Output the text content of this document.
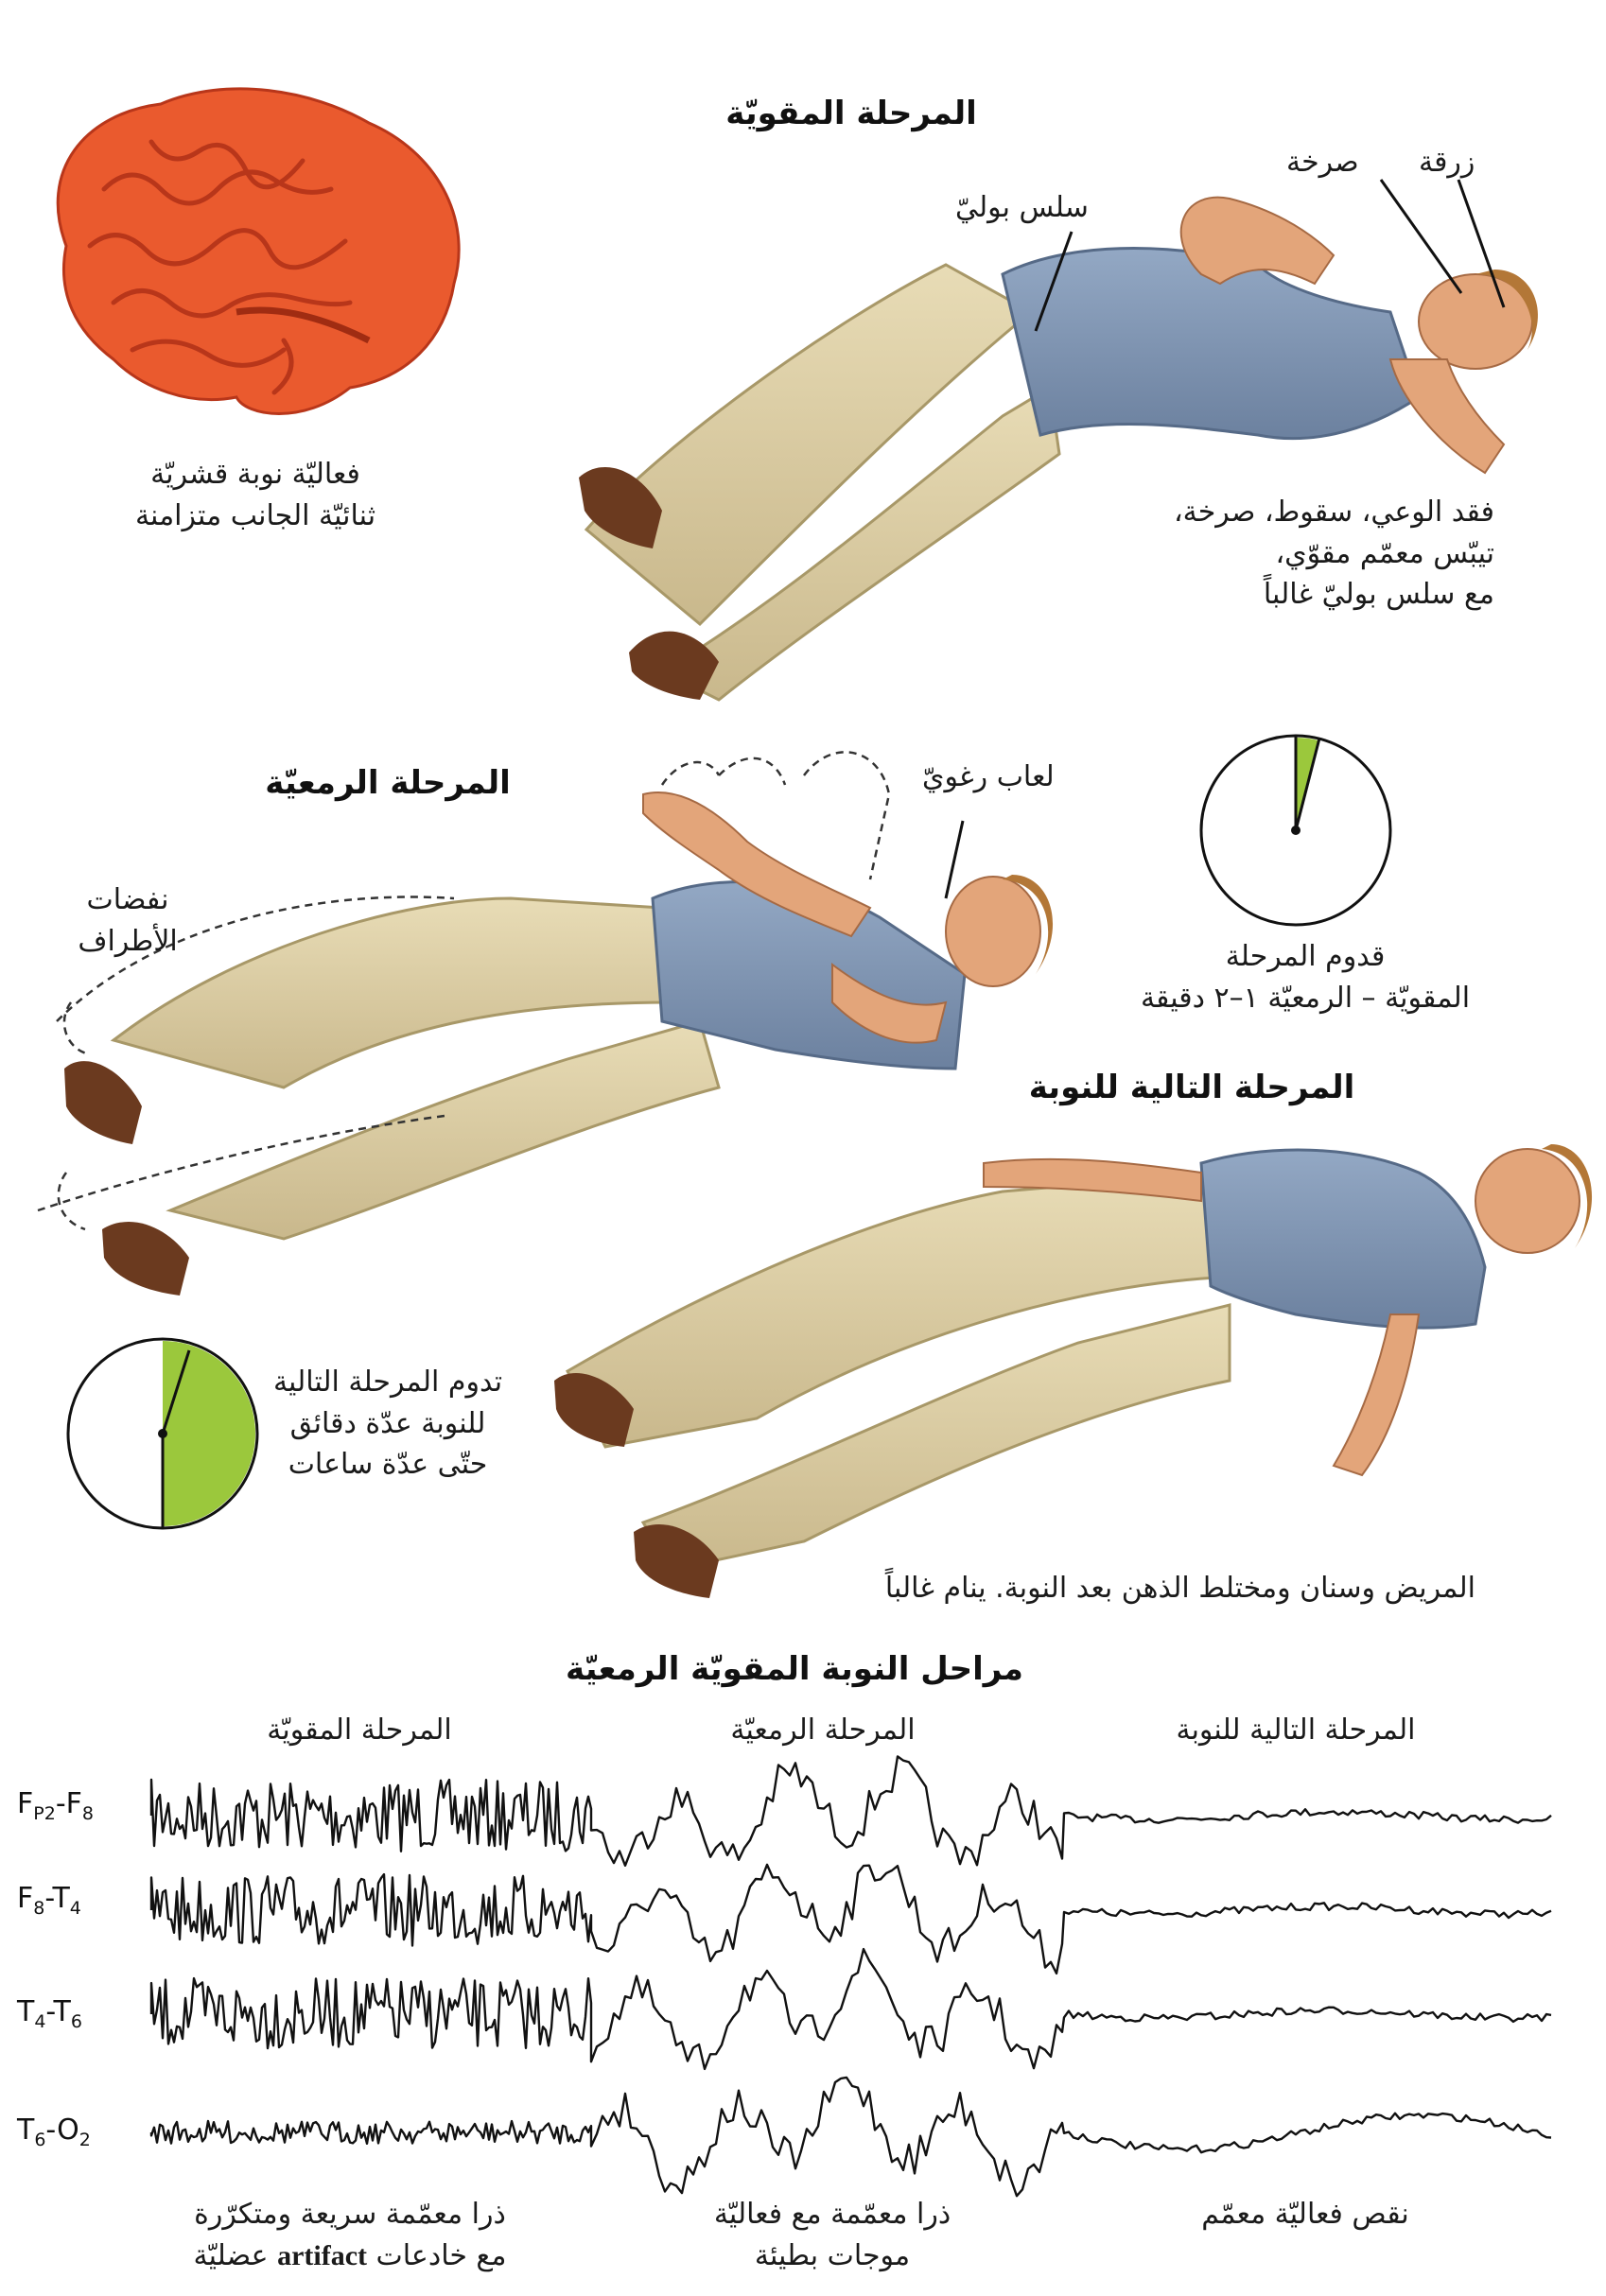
المرحلة المقويّة
زرقة
صرخة
سلس بوليّ
فقد الوعي، سقوط، صرخة،
تيبّس معمّم مقوّي،
مع سلس بوليّ غالباً
فعاليّة نوبة قشريّة
ثنائيّة الجانب متزامنة
المرحلة الرمعيّة	لعاب رغويّ
نفضات
الأطراف	قدوم المرحلة
المقويّة – الرمعيّة ١–٢ دقيقة
المرحلة التالية للنوبة
تدوم المرحلة التالية
للنوبة عدّة دقائق
حتّى عدّة ساعات
المريض وسنان ومختلط الذهن بعد النوبة. ينام غالباً
مراحل النوبة المقويّة الرمعيّة
المرحلة المقويّة	المرحلة الرمعيّة	المرحلة التالية للنوبة
$F_{P2}-F_8$
$F_8-T_4$
$T_4-T_6$
$T_6-O_2$
ذرا معمّمة سريعة ومتكرّرة
مع خادعات artifact عضليّة
ذرا معمّمة مع فعاليّة
موجات بطيئة
نقص فعاليّة معمّم
